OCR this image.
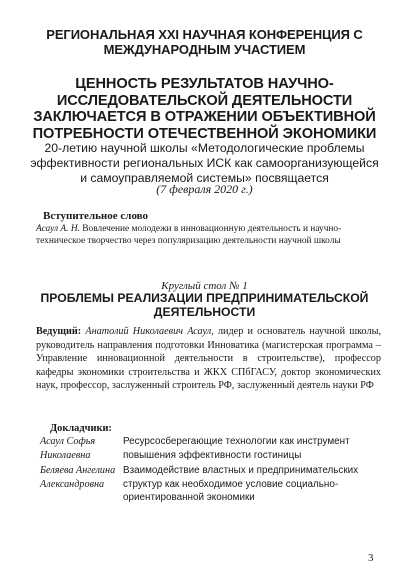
РЕГИОНАЛЬНАЯ XXI НАУЧНАЯ КОНФЕРЕНЦИЯ С МЕЖДУНАРОДНЫМ УЧАСТИЕМ
ЦЕННОСТЬ РЕЗУЛЬТАТОВ НАУЧНО-ИССЛЕДОВАТЕЛЬСКОЙ ДЕЯТЕЛЬНОСТИ ЗАКЛЮЧАЕТСЯ В ОТРАЖЕНИИ ОБЪЕКТИВНОЙ ПОТРЕБНОСТИ ОТЕЧЕСТВЕННОЙ ЭКОНОМИКИ
20-летию научной школы «Методологические проблемы эффективности региональных ИСК как самоорганизующейся и самоуправляемой системы» посвящается
(7 февраля 2020 г.)
Вступительное слово
Асаул А. Н. Вовлечение молодежи в инновационную деятельность и научно-техническое творчество через популяризацию деятельности научной школы
Круглый стол № 1
ПРОБЛЕМЫ РЕАЛИЗАЦИИ ПРЕДПРИНИМАТЕЛЬСКОЙ ДЕЯТЕЛЬНОСТИ
Ведущий: Анатолий Николаевич Асаул, лидер и основатель научной школы, руководитель направления подготовки Инноватика (магистерская программа – Управление инновационной деятельности в строительстве), профессор кафедры экономики строительства и ЖКХ СПбГАСУ, доктор экономических наук, профессор, заслуженный строитель РФ, заслуженный деятель науки РФ
Докладчики:
Асаул Софья Николаевна
Ресурсосберегающие технологии как инструмент повышения эффективности гостиницы
Беляева Ангелина Александровна
Взаимодействие властных и предпринимательских структур как необходимое условие социально-ориентированной экономики
3
